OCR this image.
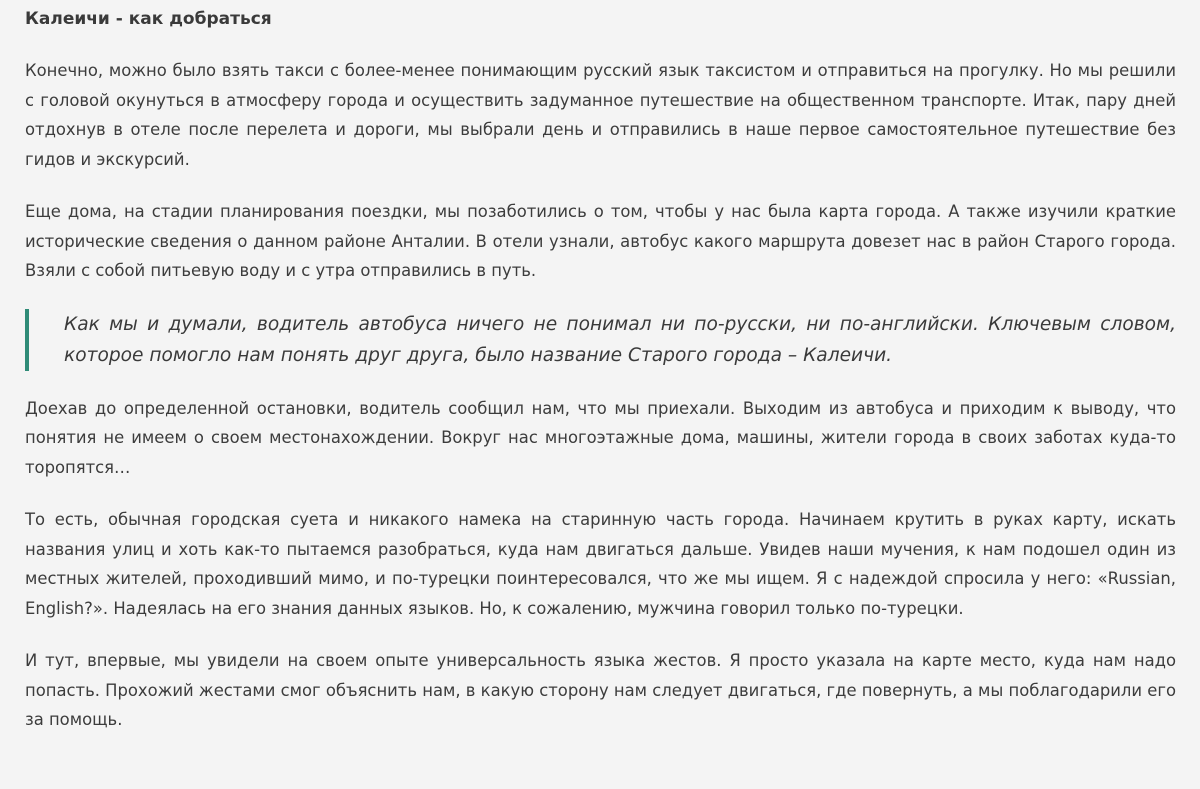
Калеичи - как добраться

Конечно, можно было взять такси с более-менее понимающим русский язык таксистом и отправиться на прогулку. Но мы решили с головой окунуться в атмосферу города и осуществить задуманное путешествие на общественном транспорте. Итак, пару дней отдохнув в отеле после перелета и дороги, мы выбрали день и отправились в наше первое самостоятельное путешествие без гидов и экскурсий.

Еще дома, на стадии планирования поездки, мы позаботились о том, чтобы у нас была карта города. А также изучили краткие исторические сведения о данном районе Анталии. В отели узнали, автобус какого маршрута довезет нас в район Старого города. Взяли с собой питьевую воду и с утра отправились в путь.

Как мы и думали, водитель автобуса ничего не понимал ни по-русски, ни по-английски. Ключевым словом, которое помогло нам понять друг друга, было название Старого города – Калеичи.

Доехав до определенной остановки, водитель сообщил нам, что мы приехали. Выходим из автобуса и приходим к выводу, что понятия не имеем о своем местонахождении. Вокруг нас многоэтажные дома, машины, жители города в своих заботах куда-то торопятся…

То есть, обычная городская суета и никакого намека на старинную часть города. Начинаем крутить в руках карту, искать названия улиц и хоть как-то пытаемся разобраться, куда нам двигаться дальше. Увидев наши мучения, к нам подошел один из местных жителей, проходивший мимо, и по-турецки поинтересовался, что же мы ищем. Я с надеждой спросила у него: «Russian, English?». Надеялась на его знания данных языков. Но, к сожалению, мужчина говорил только по-турецки.

И тут, впервые, мы увидели на своем опыте универсальность языка жестов. Я просто указала на карте место, куда нам надо попасть. Прохожий жестами смог объяснить нам, в какую сторону нам следует двигаться, где повернуть, а мы поблагодарили его за помощь.
